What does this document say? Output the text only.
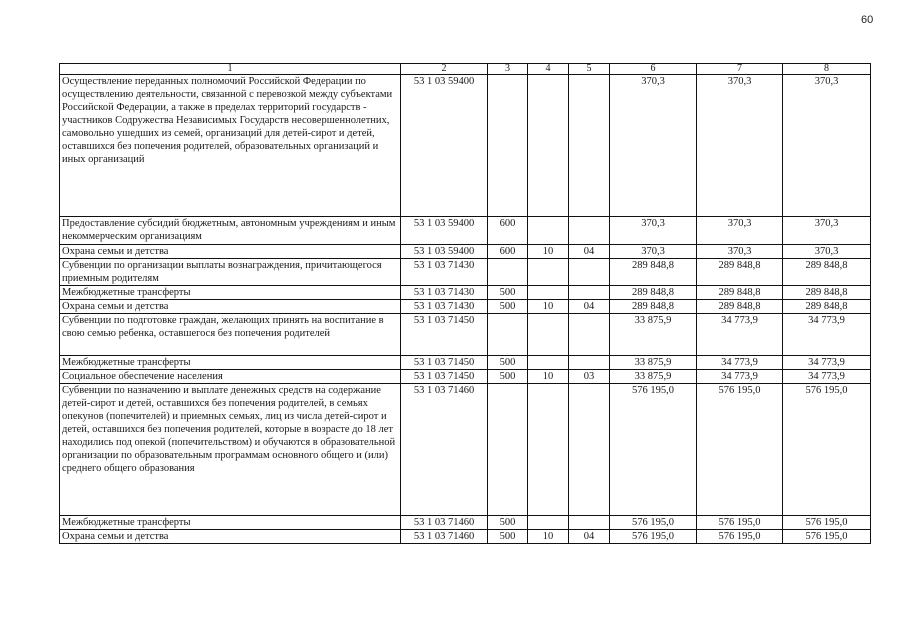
60
1	2	3	4	5	6	7	8
Осуществление переданных полномочий Российской Федерации по осуществлению деятельности, связанной с перевозкой между субъектами Российской Федерации, а также в пределах территорий государств - участников Содружества Независимых Государств несовершеннолетних, самовольно ушедших из семей, организаций для детей-сирот и детей, оставшихся без попечения родителей, образовательных организаций и иных организаций	53 1 03 59400				370,3	370,3	370,3
Предоставление субсидий бюджетным, автономным учреждениям и иным некоммерческим организациям	53 1 03 59400	600			370,3	370,3	370,3
Охрана семьи и детства	53 1 03 59400	600	10	04	370,3	370,3	370,3
Субвенции по организации выплаты вознаграждения, причитающегося приемным родителям	53 1 03 71430				289 848,8	289 848,8	289 848,8
Межбюджетные трансферты	53 1 03 71430	500			289 848,8	289 848,8	289 848,8
Охрана семьи и детства	53 1 03 71430	500	10	04	289 848,8	289 848,8	289 848,8
Субвенции по подготовке граждан, желающих принять на воспитание в свою семью ребенка, оставшегося без попечения родителей	53 1 03 71450				33 875,9	34 773,9	34 773,9
Межбюджетные трансферты	53 1 03 71450	500			33 875,9	34 773,9	34 773,9
Социальное обеспечение населения	53 1 03 71450	500	10	03	33 875,9	34 773,9	34 773,9
Субвенции по назначению и выплате денежных средств на содержание детей-сирот и детей, оставшихся без попечения родителей, в семьях опекунов (попечителей) и приемных семьях, лиц из числа детей-сирот и детей, оставшихся без попечения родителей, которые в возрасте до 18 лет находились под опекой (попечительством) и обучаются в образовательной организации по образовательным программам основного общего и (или) среднего общего образования	53 1 03 71460				576 195,0	576 195,0	576 195,0
Межбюджетные трансферты	53 1 03 71460	500			576 195,0	576 195,0	576 195,0
Охрана семьи и детства	53 1 03 71460	500	10	04	576 195,0	576 195,0	576 195,0
